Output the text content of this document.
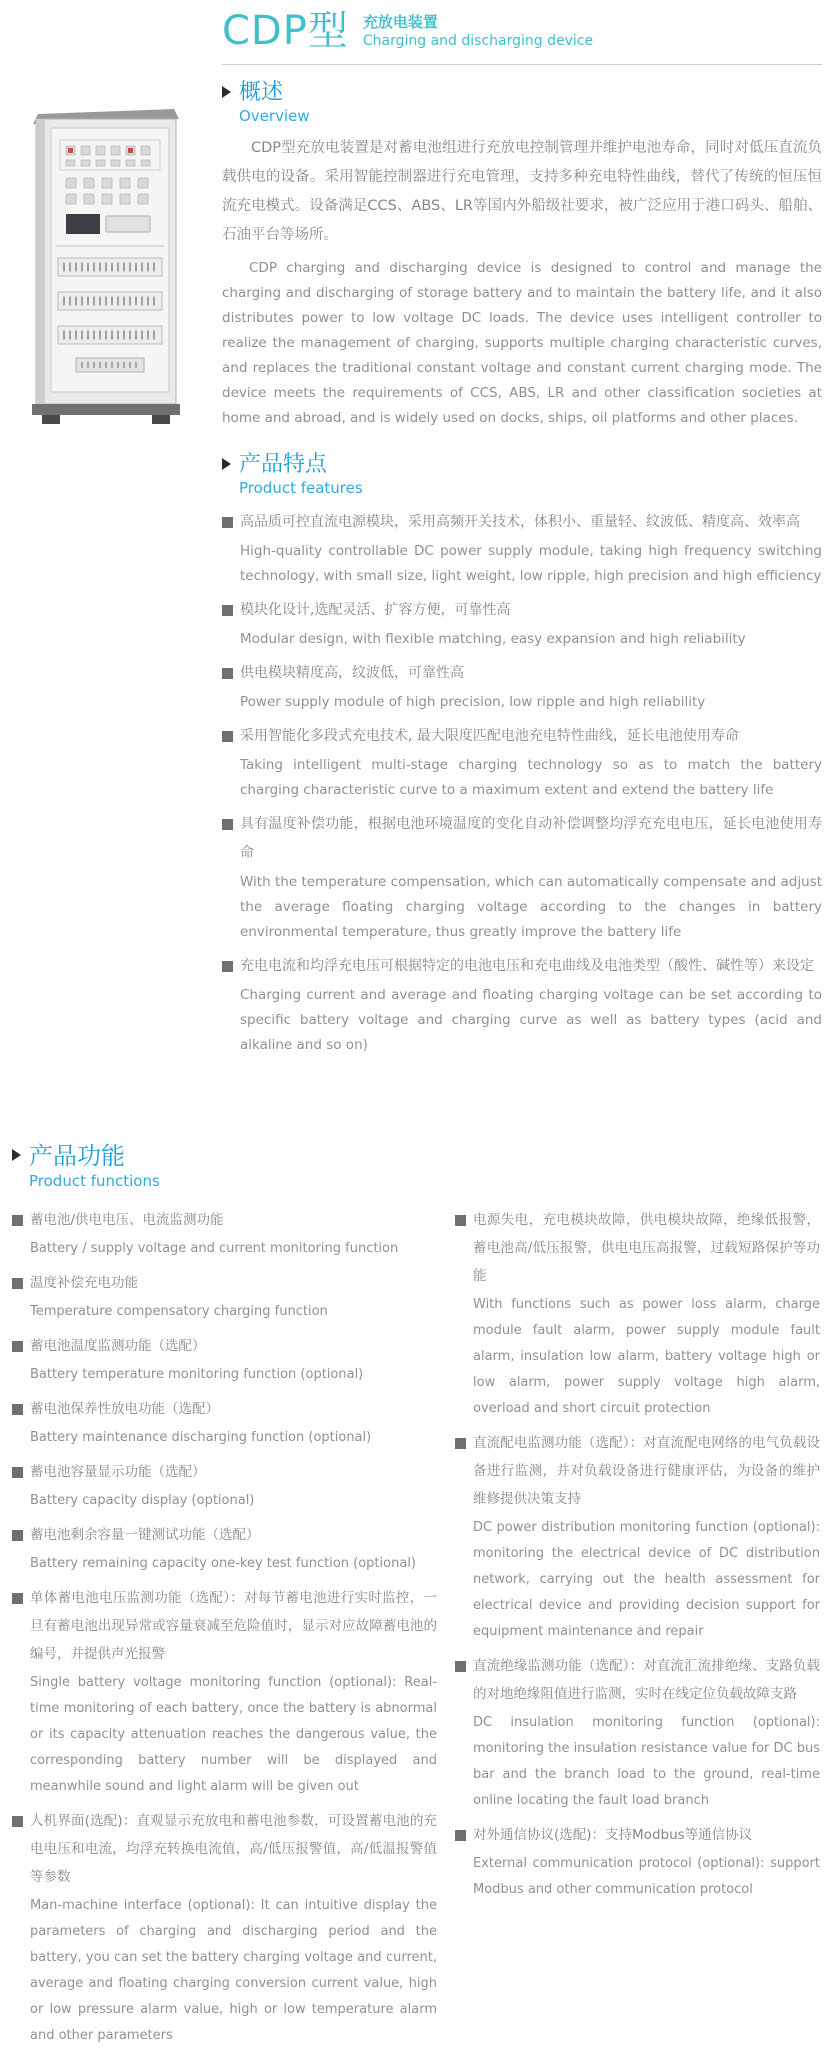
CDP型 充放电装置
Charging and discharging device
概述
Overview

CDP型充放电装置是对蓄电池组进行充放电控制管理并维护电池寿命，同时对低压直流负载供电的设备。采用智能控制器进行充电管理，支持多种充电特性曲线，替代了传统的恒压恒流充电模式。设备满足CCS、ABS、LR等国内外船级社要求，被广泛应用于港口码头、船舶、石油平台等场所。

CDP charging and discharging device is designed to control and manage the charging and discharging of storage battery and to maintain the battery life, and it also distributes power to low voltage DC loads. The device uses intelligent controller to realize the management of charging, supports multiple charging characteristic curves, and replaces the traditional constant voltage and constant current charging mode. The device meets the requirements of CCS, ABS, LR and other classification societies at home and abroad, and is widely used on docks, ships, oil platforms and other places.

产品特点
Product features

高品质可控直流电源模块，采用高频开关技术，体积小、重量轻、纹波低、精度高、效率高

High-quality controllable DC power supply module, taking high frequency switching technology, with small size, light weight, low ripple, high precision and high efficiency

模块化设计,选配灵活、扩容方便，可靠性高

Modular design, with flexible matching, easy expansion and high reliability

供电模块精度高，纹波低，可靠性高

Power supply module of high precision, low ripple and high reliability

采用智能化多段式充电技术, 最大限度匹配电池充电特性曲线，延长电池使用寿命

Taking intelligent multi-stage charging technology so as to match the battery charging characteristic curve to a maximum extent and extend the battery life

具有温度补偿功能，根据电池环境温度的变化自动补偿调整均浮充充电电压，延长电池使用寿命

With the temperature compensation, which can automatically compensate and adjust the average floating charging voltage according to the changes in battery environmental temperature, thus greatly improve the battery life

充电电流和均浮充电压可根据特定的电池电压和充电曲线及电池类型（酸性、碱性等）来设定

Charging current and average and floating charging voltage can be set according to specific battery voltage and charging curve as well as battery types (acid and alkaline and so on)

产品功能
Product functions

蓄电池/供电电压、电流监测功能

Battery / supply voltage and current monitoring function

温度补偿充电功能

Temperature compensatory charging function

蓄电池温度监测功能（选配）

Battery temperature monitoring function (optional)

蓄电池保养性放电功能（选配）

Battery maintenance discharging function (optional)

蓄电池容量显示功能（选配）

Battery capacity display (optional)

蓄电池剩余容量一键测试功能（选配）

Battery remaining capacity one-key test function (optional)

单体蓄电池电压监测功能（选配）：对每节蓄电池进行实时监控，一旦有蓄电池出现异常或容量衰减至危险值时，显示对应故障蓄电池的编号，并提供声光报警

Single battery voltage monitoring function (optional): Real-time monitoring of each battery, once the battery is abnormal or its capacity attenuation reaches the dangerous value, the corresponding battery number will be displayed and meanwhile sound and light alarm will be given out

人机界面(选配)：直观显示充放电和蓄电池参数，可设置蓄电池的充电电压和电流，均浮充转换电流值，高/低压报警值，高/低温报警值等参数

Man-machine interface (optional): It can intuitive display the parameters of charging and discharging period and the battery, you can set the battery charging voltage and current, average and floating charging conversion current value, high or low pressure alarm value, high or low temperature alarm and other parameters

电源失电，充电模块故障，供电模块故障，绝缘低报警，蓄电池高/低压报警，供电电压高报警，过载短路保护等功能

With functions such as power loss alarm, charge module fault alarm, power supply module fault alarm, insulation low alarm, battery voltage high or low alarm, power supply voltage high alarm, overload and short circuit protection

直流配电监测功能（选配）：对直流配电网络的电气负载设备进行监测，并对负载设备进行健康评估，为设备的维护维修提供决策支持

DC power distribution monitoring function (optional): monitoring the electrical device of DC distribution network, carrying out the health assessment for electrical device and providing decision support for equipment maintenance and repair

直流绝缘监测功能（选配）：对直流汇流排绝缘、支路负载的对地绝缘阻值进行监测，实时在线定位负载故障支路

DC insulation monitoring function (optional): monitoring the insulation resistance value for DC bus bar and the branch load to the ground, real-time online locating the fault load branch

对外通信协议(选配)：支持Modbus等通信协议

External communication protocol (optional): support Modbus and other communication protocol
